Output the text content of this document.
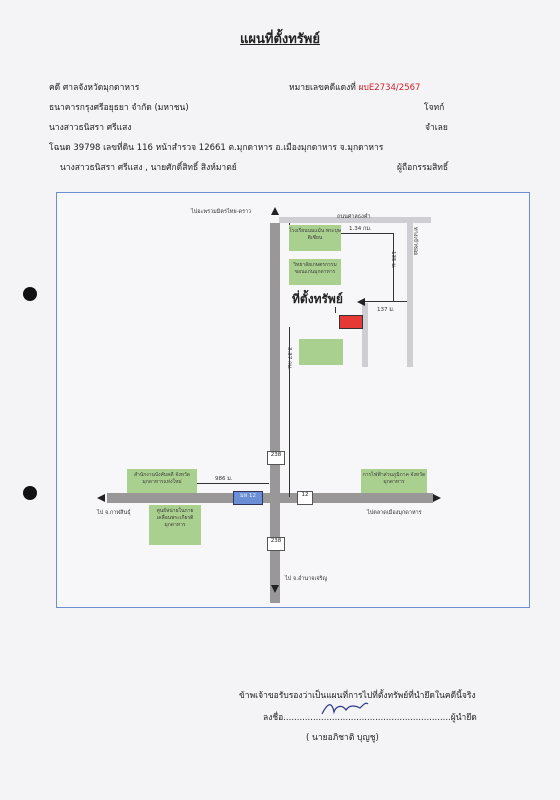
แผนที่ตั้งทรัพย์
คดี ศาลจังหวัดมุกดาหาร	หมายเลขคดีแดงที่ ผบE2734/2567
ธนาคารกรุงศรีอยุธยา จำกัด (มหาชน)	โจทก์
นางสาวธนิสรา ศรีแสง	จำเลย
โฉนด 39798 เลขที่ดิน 116 หน้าสำรวจ 12661 ต.มุกดาหาร อ.เมืองมุกดาหาร จ.มุกดาหาร
นางสาวธนิสรา ศรีแสง , นายศักดิ์สิทธิ์ สิงห์มาตย์	ผู้ถือกรรมสิทธิ์
ไปอะพรวมมิตรไทย-ดราว
ถนนศาลธงคำ
1.34 กม.
135 ม.
ทางเข้าซอย
137 ม.
โรงเรียนนมแม้น พระบุษติเซียน
วิทยาลัยเกษตรกรรม ขอนแก่นมุกดาหาร
ที่ตั้งทรัพย์
3.37 กม.
238
12
238
มห 12
สำนักงานบังคับคดี จังหวัดมุกดาหารแห่งใหม่	986 ม.
ศูนย์หน่ายในภาย เคลื่อนพระเกียรติ มุกดาหาร
การไฟฟ้าส่วนภูมิภาค จังหวัดมุกดาหาร
ไป จ.กาฬสินธุ์	ไปตลาดเมืองมุกดาหาร
ไป จ.อำนาจเจริญ
ข้าพเจ้าขอรับรองว่าเป็นแผนที่การไปที่ตั้งทรัพย์ที่นำยึดในคดีนี้จริง
ลงชื่อ..............................................................ผู้นำยึด
( นายอภิชาติ บุญชู)
